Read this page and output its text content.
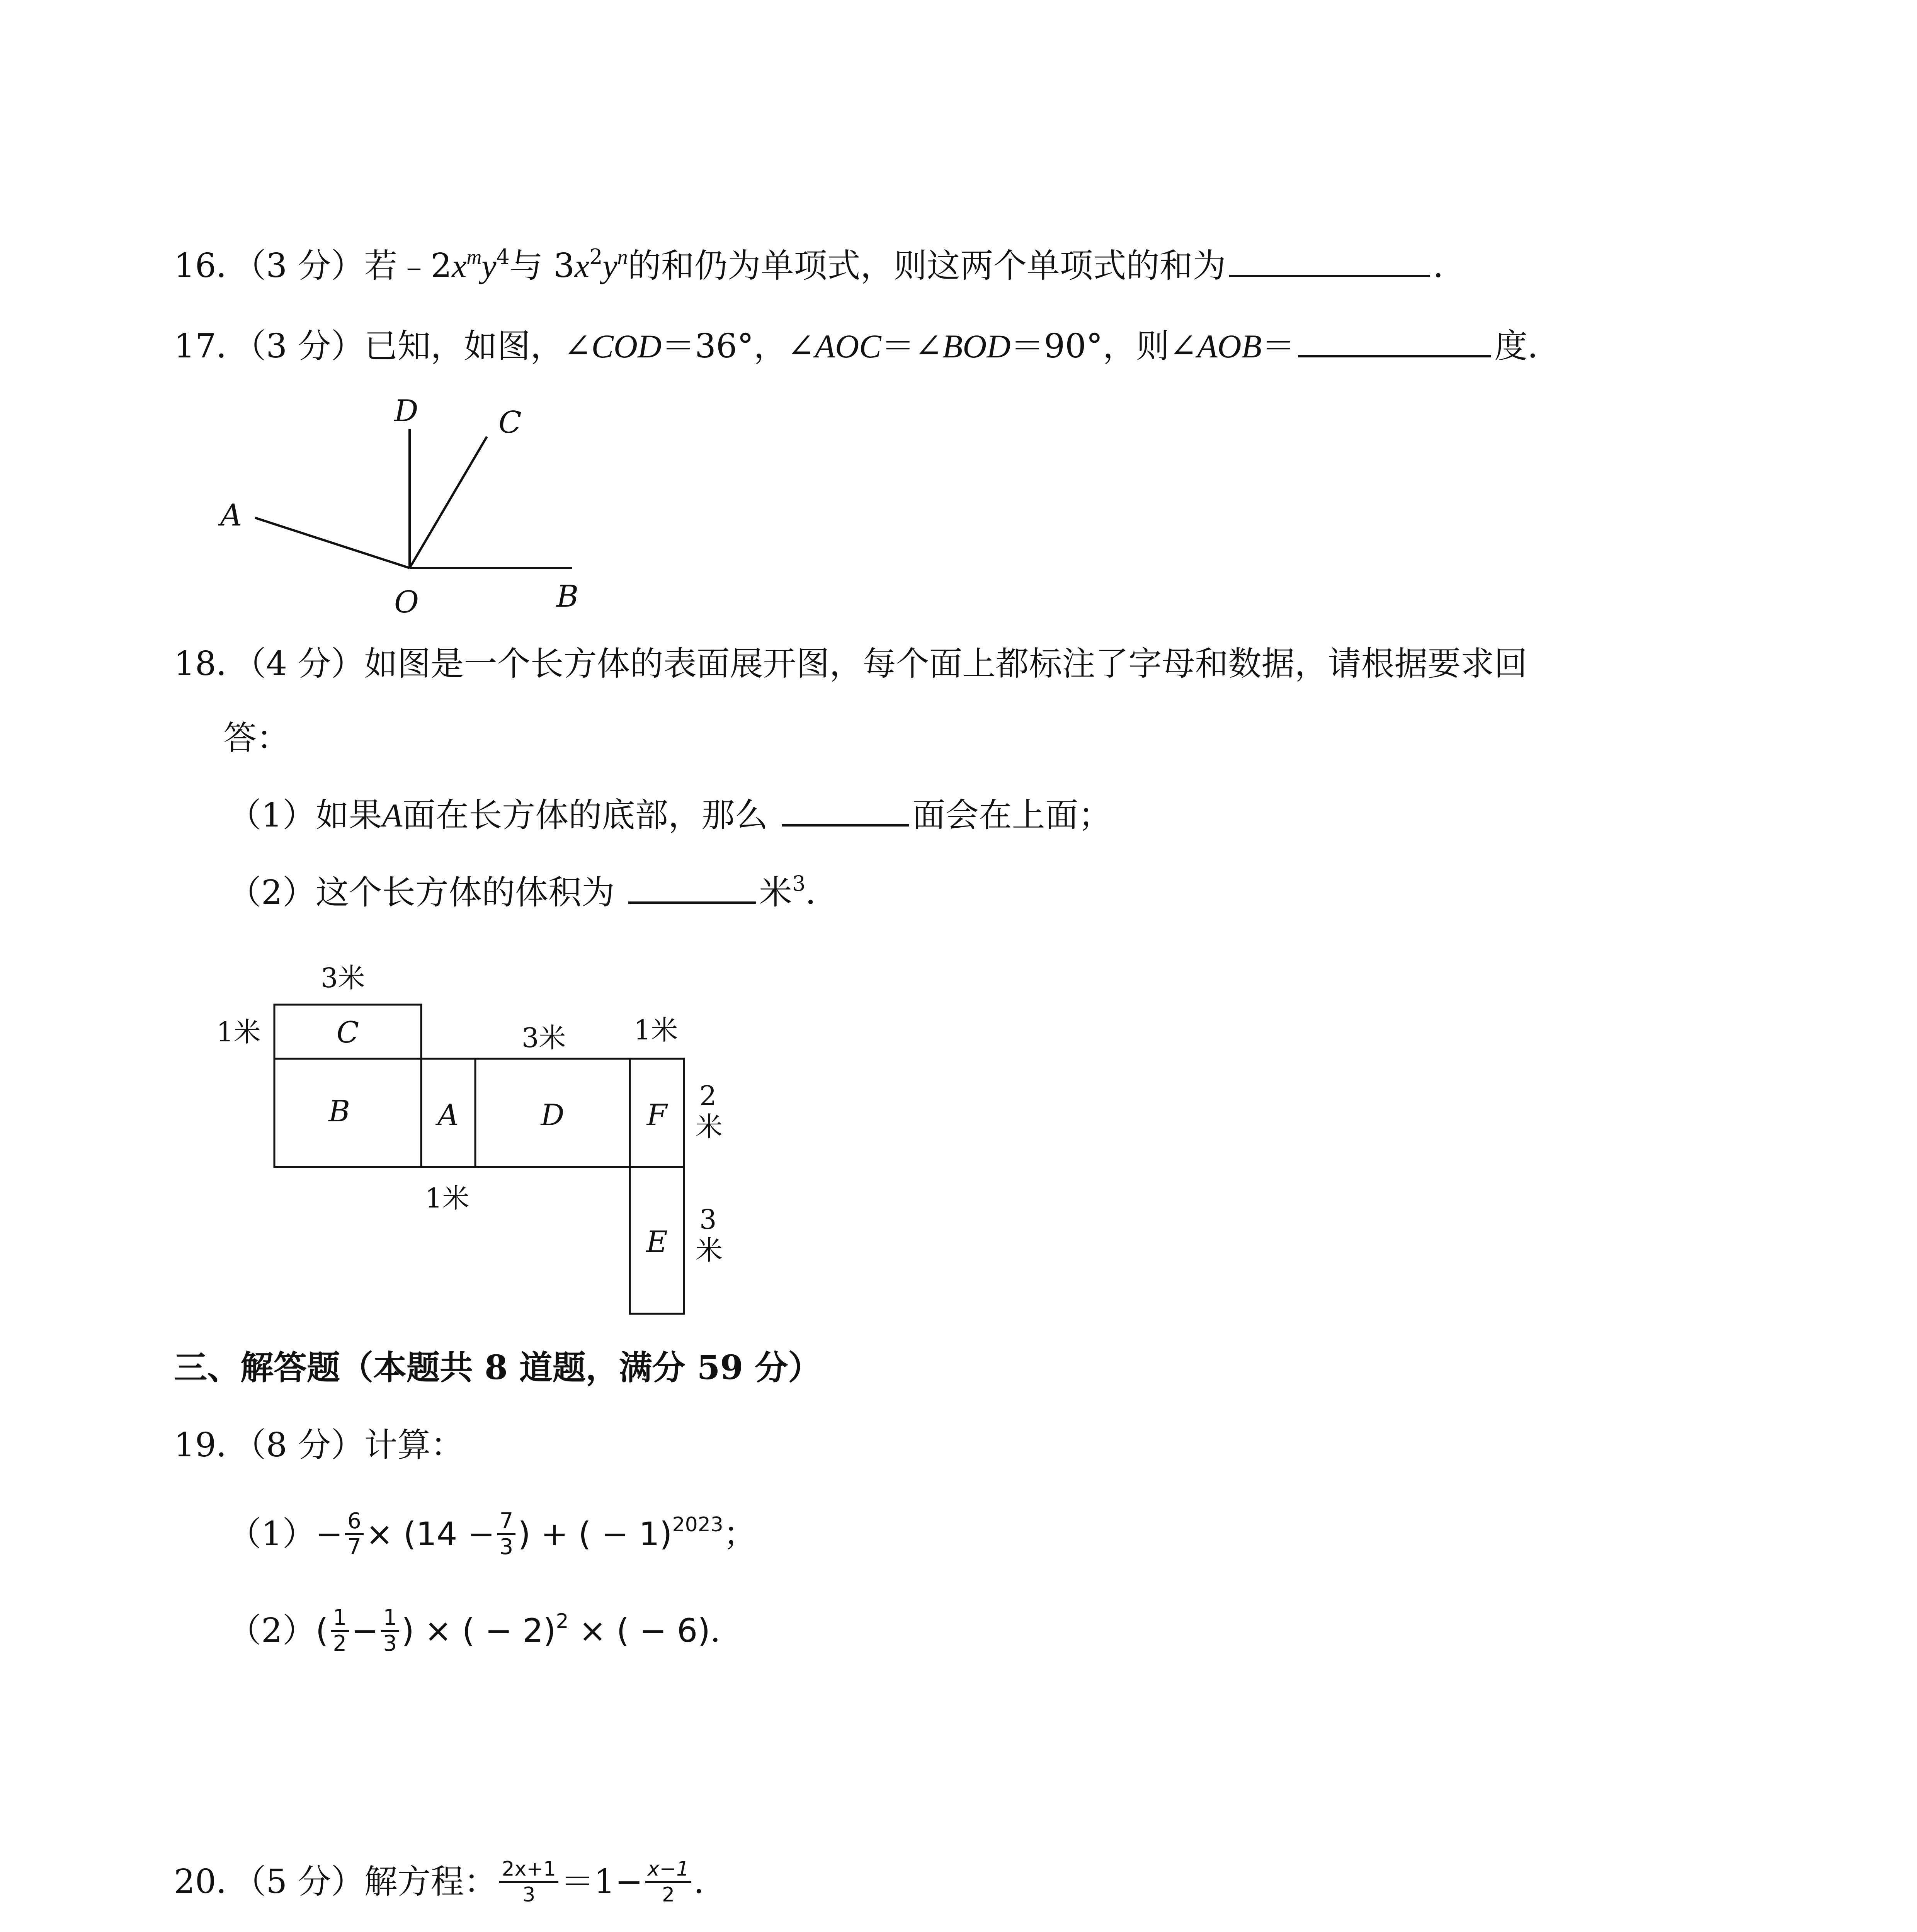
16．（3 分）若$﹣2x^my^4$与 $3x^2y^n$的和仍为单项式，则这两个单项式的和为	．
17．（3 分）已知，如图，∠COD＝36°，∠AOC＝∠BOD＝90°，则∠AOB＝	度．
D	C
A
O	B
18．（4 分）如图是一个长方体的表面展开图，每个面上都标注了字母和数据，请根据要求回
答：
（1）如果A面在长方体的底部，那么	面会在上面；
（2）这个长方体的体积为	米$^3$．
C
B	A	D	F
E
3米
1米	3米	1米
2
米
1米
3
米
三、解答题（本题共 8 道题，满分 59 分）
19．（8 分）计算：
$(1)- \frac{6}{7} \times (14 - \frac{7}{3}$ ) + ( − 1)$^{2023}$；
$(2)( \frac{1}{2} - \frac{1}{3}$ ) × ( − 2)$^2$ × ( − 6)．
20．（5 分）解方程： $\frac{2x+1}{3} =1- \frac{x-1}{2}$ ．
